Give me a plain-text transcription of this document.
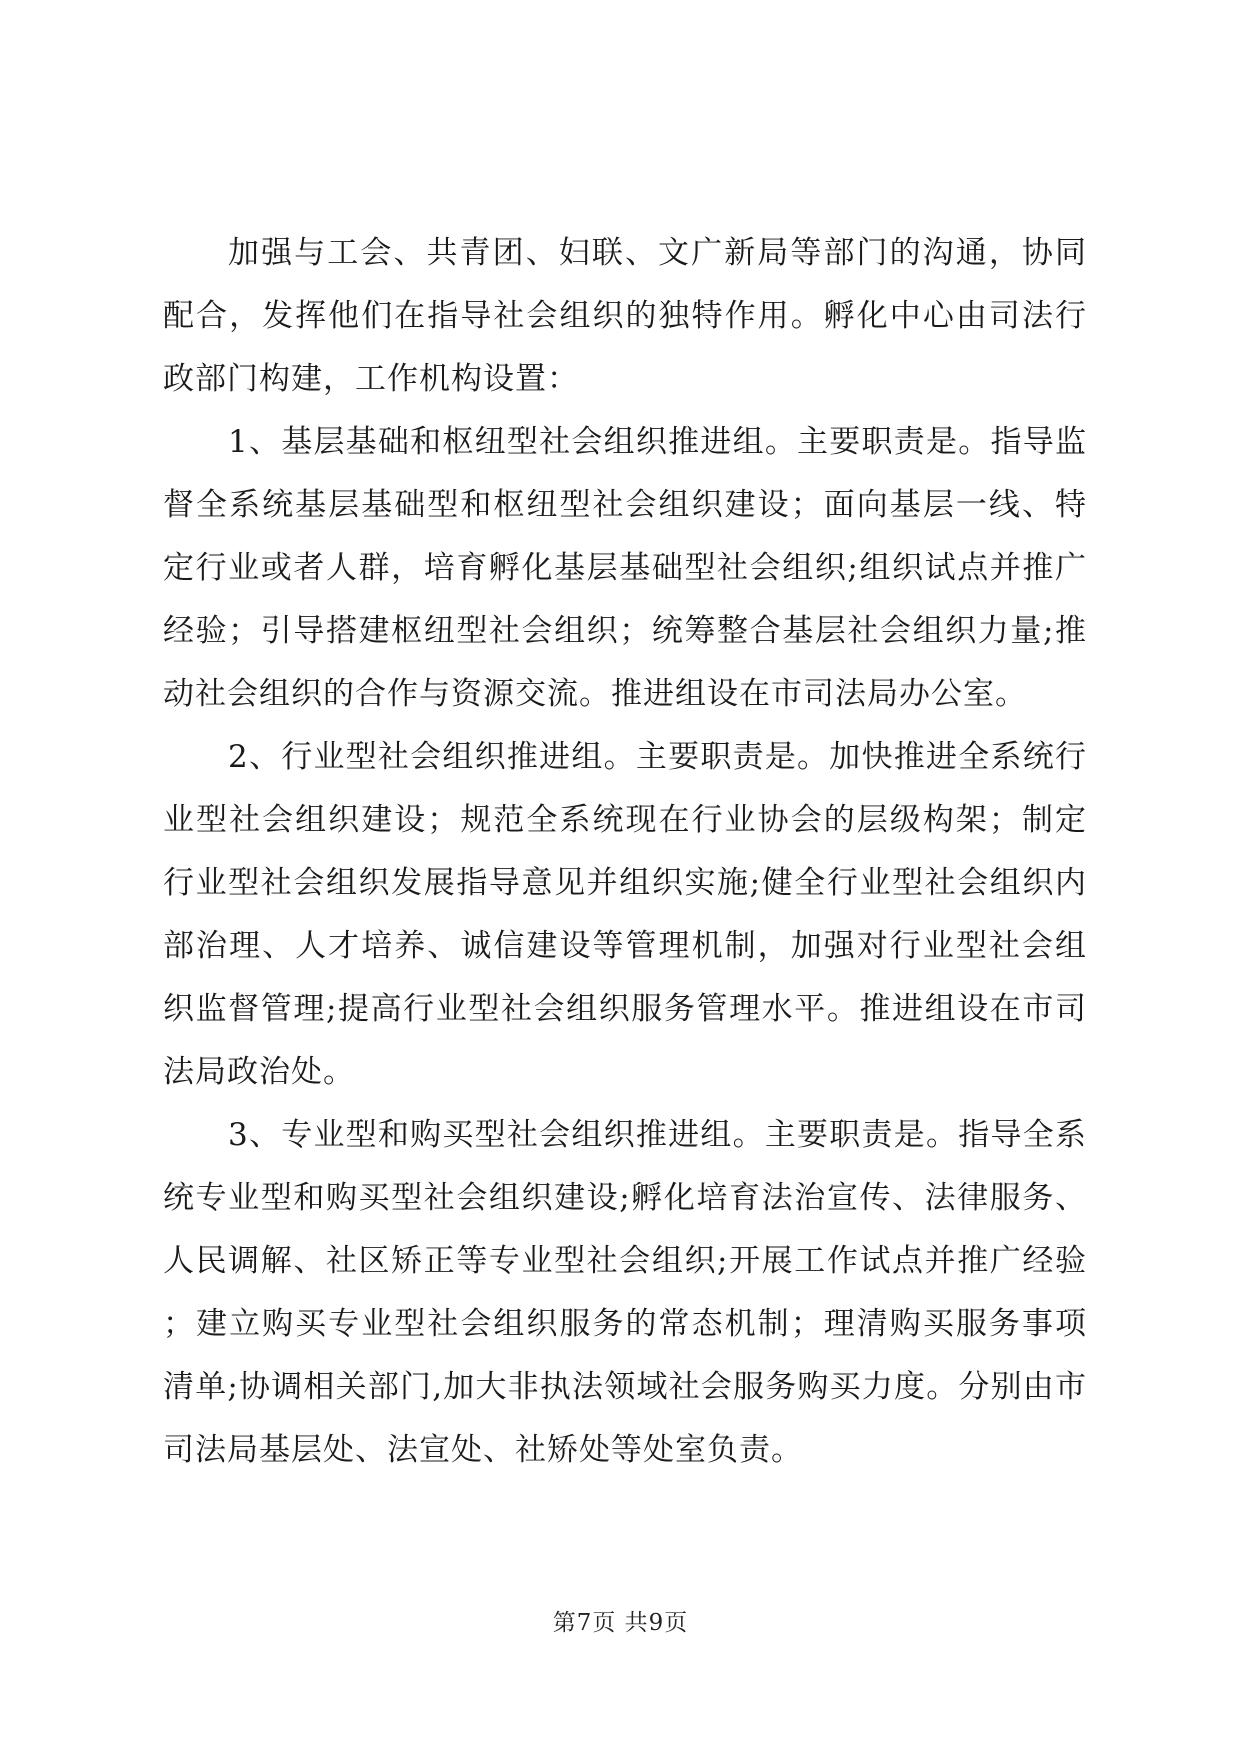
加强与工会、共青团、妇联、文广新局等部门的沟通，协同配合，发挥他们在指导社会组织的独特作用。孵化中心由司法行政部门构建，工作机构设置：

1、基层基础和枢纽型社会组织推进组。主要职责是。指导监督全系统基层基础型和枢纽型社会组织建设；面向基层一线、特定行业或者人群，培育孵化基层基础型社会组织;组织试点并推广经验；引导搭建枢纽型社会组织；统筹整合基层社会组织力量;推动社会组织的合作与资源交流。推进组设在市司法局办公室。

2、行业型社会组织推进组。主要职责是。加快推进全系统行业型社会组织建设；规范全系统现在行业协会的层级构架；制定行业型社会组织发展指导意见并组织实施;健全行业型社会组织内部治理、人才培养、诚信建设等管理机制，加强对行业型社会组织监督管理;提高行业型社会组织服务管理水平。推进组设在市司法局政治处。

3、专业型和购买型社会组织推进组。主要职责是。指导全系统专业型和购买型社会组织建设;孵化培育法治宣传、法律服务、人民调解、社区矫正等专业型社会组织;开展工作试点并推广经验；建立购买专业型社会组织服务的常态机制；理清购买服务事项清单;协调相关部门,加大非执法领域社会服务购买力度。分别由市司法局基层处、法宣处、社矫处等处室负责。

第7页 共9页
